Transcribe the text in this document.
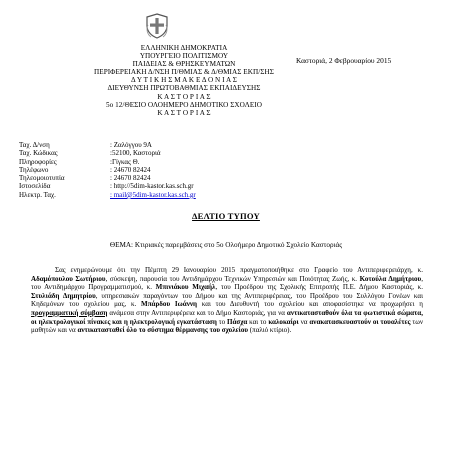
ΕΛΛΗΝΙΚΗ ΔΗΜΟΚΡΑΤΙΑ
ΥΠΟΥΡΓΕΙΟ ΠΟΛΙΤΙΣΜΟΥ
ΠΑΙΔΕΙΑΣ & ΘΡΗΣΚΕΥΜΑΤΩΝ
ΠΕΡΙΦΕΡΕΙΑΚΗ Δ/ΝΣΗ Π/ΘΜΙΑΣ & Δ/ΘΜΙΑΣ ΕΚΠ/ΣΗΣ
Δ Υ Τ Ι Κ Η Σ Μ Α Κ Ε Δ Ο Ν Ι Α Σ
ΔΙΕΥΘΥΝΣΗ ΠΡΩΤΟΒΑΘΜΙΑΣ ΕΚΠΑΙΔΕΥΣΗΣ
Κ Α Σ Τ Ο Ρ Ι Α Σ
5ο 12/ΘΕΣΙΟ ΟΛΟΗΜΕΡΟ ΔΗΜΟΤΙΚΟ ΣΧΟΛΕΙΟ
Κ Α Σ Τ Ο Ρ Ι Α Σ
Καστοριά, 2 Φεβρουαρίου 2015
Ταχ. Δ/νση	: Ζαλόγγου 9Α
Ταχ. Κώδικας	:52100, Καστοριά
Πληροφορίες	:Γίγκας Θ.
Τηλέφωνο	: 24670 82424
Τηλεομοιοτυπία	: 24670 82424
Ιστοσελίδα	: http://5dim-kastor.kas.sch.gr
Ηλεκτρ. Ταχ.	: mail@5dim-kastor.kas.sch.gr
ΔΕΛΤΙΟ ΤΥΠΟΥ
ΘΕΜΑ: Κτιριακές παρεμβάσεις στο 5ο Ολοήμερο Δημοτικό Σχολείο Καστοριάς
Σας ενημερώνουμε ότι την Πέμπτη 29 Ιανουαρίου 2015 πραγματοποιήθηκε στο Γραφείο του Αντιπεριφερειάρχη, κ. Αδαμόπουλου Σωτήριου, σύσκεψη, παρουσία του Αντιδημάρχου Τεχνικών Υπηρεσιών και Ποιότητας Ζωής, κ. Κοτούλα Δημήτριου, του Αντιδημάρχου Προγραμματισμού, κ. Μπινιάκου Μιχαήλ, του Προέδρου της Σχολικής Επιτροπής Π.Ε. Δήμου Καστοριάς, κ. Στυλιάδη Δημητρίου, υπηρεσιακών παραγόντων του Δήμου και της Αντιπεριφέρειας, του Προέδρου του Συλλόγου Γονέων και Κηδεμόνων του σχολείου μας, κ. Μπάρδου Ιωάννη και του Διευθυντή του σχολείου και αποφασίστηκε να προχωρήσει η προγραμματική σύμβαση ανάμεσα στην Αντιπεριφέρεια και το Δήμο Καστοριάς, για να αντικατασταθούν όλα τα φωτιστικά σώματα, οι ηλεκτρολογικοί πίνακες και η ηλεκτρολογική εγκατάσταση το Πάσχα και το καλοκαίρι να ανακατασκευαστούν οι τουαλέτες των μαθητών και να αντικατασταθεί όλο το σύστημα θέρμανσης του σχολείου (παλιό κτίριο).
